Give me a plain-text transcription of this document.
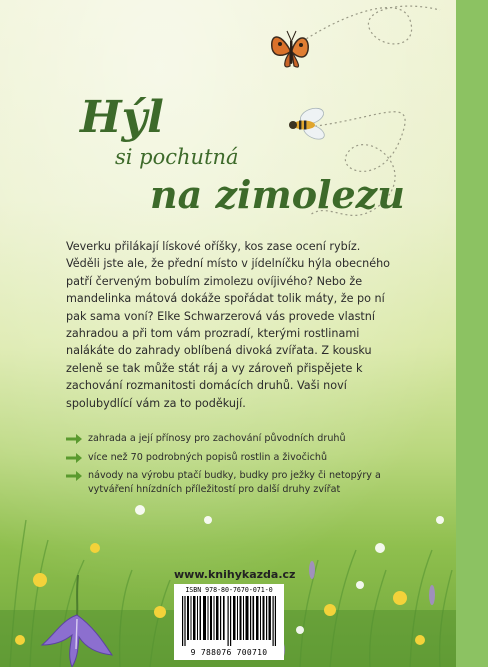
Hýl
si pochutná
na zimolezu

Veverku přilákají lískové oříšky, kos zase ocení rybíz. Věděli jste ale, že přední místo v jídelníčku hýla obecného patří červeným bobulím zimolezu ovíjivého? Nebo že mandelinka mátová dokáže spořádat tolik máty, že po ní pak sama voní? Elke Schwarzerová vás provede vlastní zahradou a při tom vám prozradí, kterými rostlinami nalákáte do zahrady oblíbená divoká zvířata. Z kousku zeleně se tak může stát ráj a vy zároveň přispějete k zachování rozmanitosti domácích druhů. Vaši noví spolubydlící vám za to poděkují.

zahrada a její přínosy pro zachování původních druhů
více než 70 podrobných popisů rostlin a živočichů
návody na výrobu ptačí budky, budky pro ježky či netopýry a vytváření hnízdních příležitostí pro další druhy zvířat
www.knihykazda.cz
ISBN 978-80-7670-071-0
9 788076 700710
